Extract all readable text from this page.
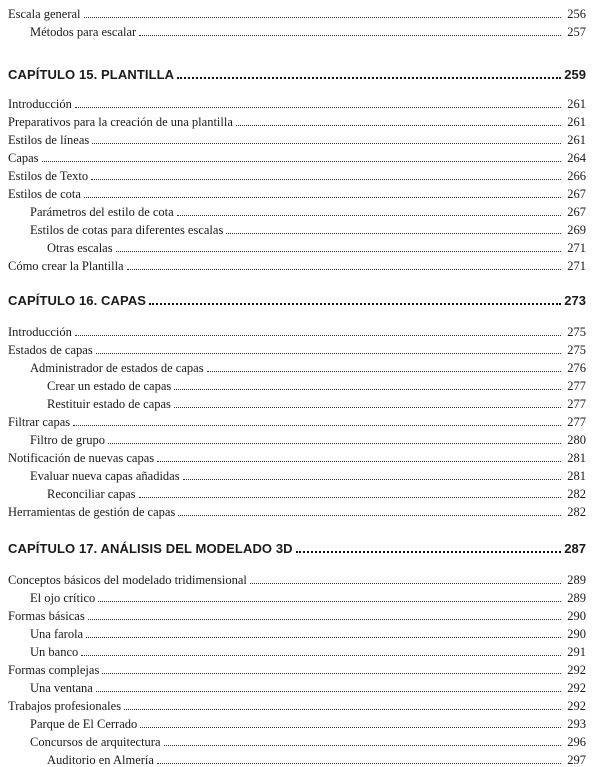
Escala general	256
Métodos para escalar	257
CAPÍTULO 15. PLANTILLA	259
Introducción	261
Preparativos para la creación de una plantilla	261
Estilos de líneas	261
Capas	264
Estilos de Texto	266
Estilos de cota	267
Parámetros del estilo de cota	267
Estilos de cotas para diferentes escalas	269
Otras escalas	271
Cómo crear la Plantilla	271
CAPÍTULO 16. CAPAS	273
Introducción	275
Estados de capas	275
Administrador de estados de capas	276
Crear un estado de capas	277
Restituir estado de capas	277
Filtrar capas	277
Filtro de grupo	280
Notificación de nuevas capas	281
Evaluar nueva capas añadidas	281
Reconciliar capas	282
Herramientas de gestión de capas	282
CAPÍTULO 17. ANÁLISIS DEL MODELADO 3D	287
Conceptos básicos del modelado tridimensional	289
El ojo crítico	289
Formas básicas	290
Una farola	290
Un banco	291
Formas complejas	292
Una ventana	292
Trabajos profesionales	292
Parque de El Cerrado	293
Concursos de arquitectura	296
Auditorio en Almería	297
